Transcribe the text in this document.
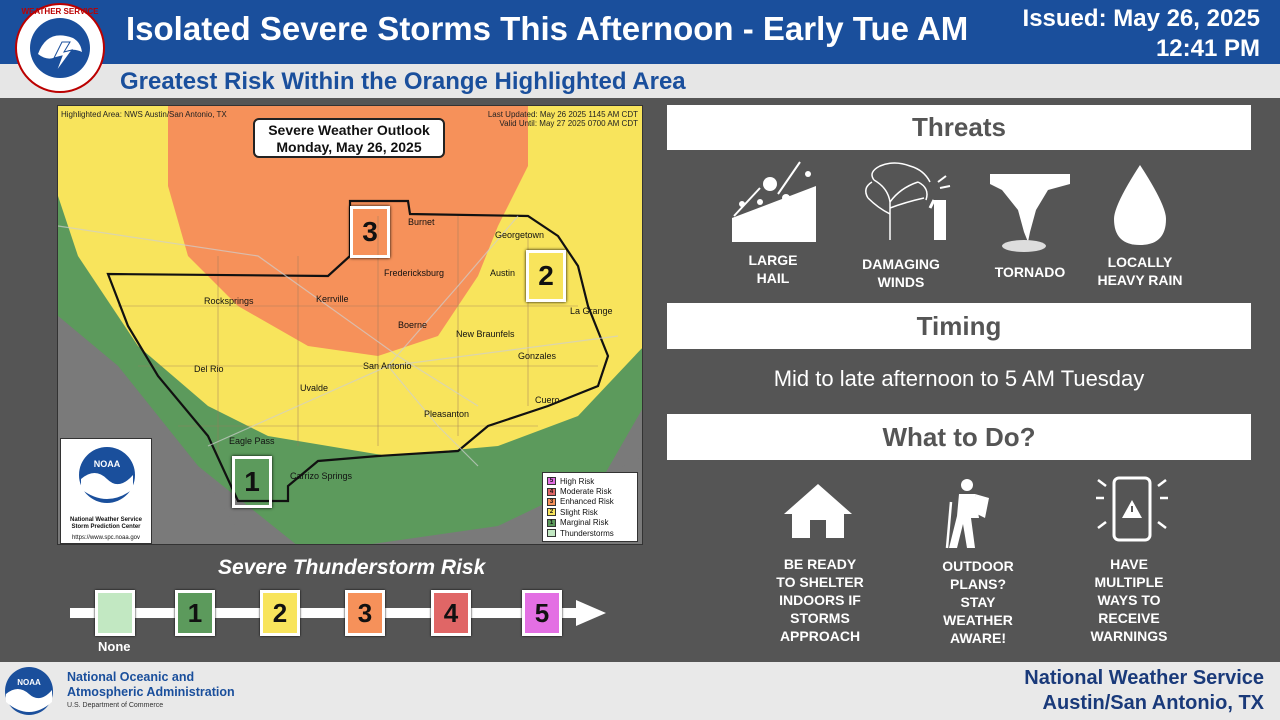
WEATHER SERVICE Isolated Severe Storms This Afternoon - Early Tue AM Issued: May 26, 2025
12:41 PM
Greatest Risk Within the Orange Highlighted Area
Highlighted Area: NWS Austin/San Antonio, TX	Last Updated: May 26 2025 1145 AM CDT
Valid Until: May 27 2025 0700 AM CDT
Severe Weather Outlook
Monday, May 26, 2025
3
2
1
Burnet
Georgetown
Fredericksburg	Austin
Rocksprings	Kerrville
La Grange
Boerne
New Braunfels
Del Rio	San Antonio
Gonzales
Uvalde
Cuero
Pleasanton
Eagle Pass
Carrizo Springs
NOAA
National Weather Service
Storm Prediction Center
https://www.spc.noaa.gov
5 High Risk
4 Moderate Risk
3 Enhanced Risk
2 Slight Risk
1 Marginal Risk
Thunderstorms
Severe Thunderstorm Risk
1	2	3	4	5
None
Threats
LARGE
HAIL
DAMAGING
WINDS
TORNADO
LOCALLY
HEAVY RAIN
Timing
Mid to late afternoon to 5 AM Tuesday
What to Do?
BE READY
TO SHELTER
INDOORS IF
STORMS
APPROACH
OUTDOOR
PLANS?
STAY
WEATHER
AWARE!
HAVE
MULTIPLE
WAYS TO
RECEIVE
WARNINGS
NOAA National Oceanic and
Atmospheric Administration
U.S. Department of Commerce
National Weather Service
Austin/San Antonio, TX
